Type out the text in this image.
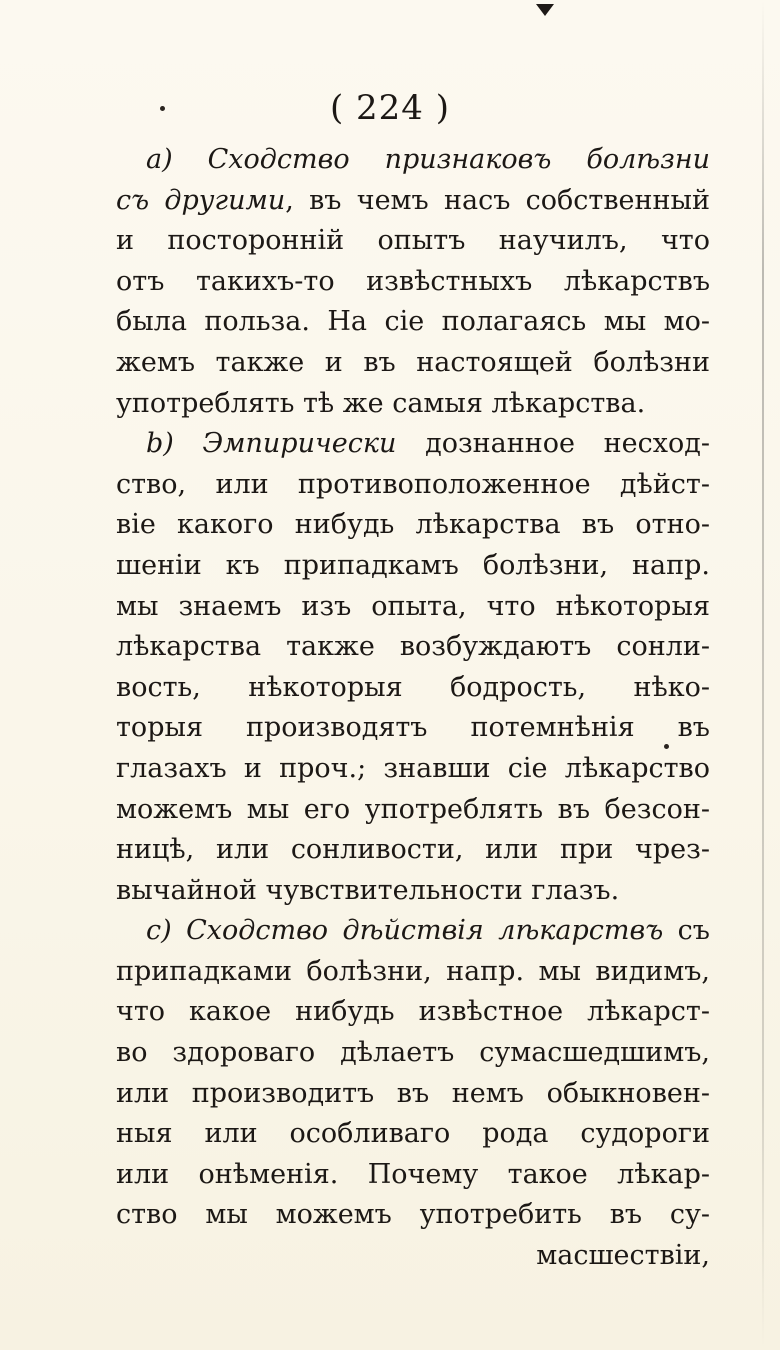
( 224 )
a) Сходство признаковъ болѣзни
съ другими, въ чемъ насъ собственный
и посторонній опытъ научилъ, что
отъ такихъ-то извѣстныхъ лѣкарствъ
была польза. На сіе полагаясь мы мо-
жемъ также и въ настоящей болѣзни
употреблять тѣ же самыя лѣкарства.
b) Эмпирически дознанное несход-
ство, или противоположенное дѣйст-
віе какого нибудь лѣкарства въ отно-
шеніи къ припадкамъ болѣзни, напр.
мы знаемъ изъ опыта, что нѣкоторыя
лѣкарства также возбуждаютъ сонли-
вость, нѣкоторыя бодрость, нѣко-
торыя производятъ потемнѣнія въ
глазахъ и проч.; знавши сіе лѣкарство
можемъ мы его употреблять въ безсон-
ницѣ, или сонливости, или при чрез-
вычайной чувствительности глазъ.
c) Сходство дѣйствія лѣкарствъ съ
припадками болѣзни, напр. мы видимъ,
что какое нибудь извѣстное лѣкарст-
во здороваго дѣлаетъ сумасшедшимъ,
или производитъ въ немъ обыкновен-
ныя или особливаго рода судороги
или онѣменія. Почему такое лѣкар-
ство мы можемъ употребить въ су-
масшествіи,
